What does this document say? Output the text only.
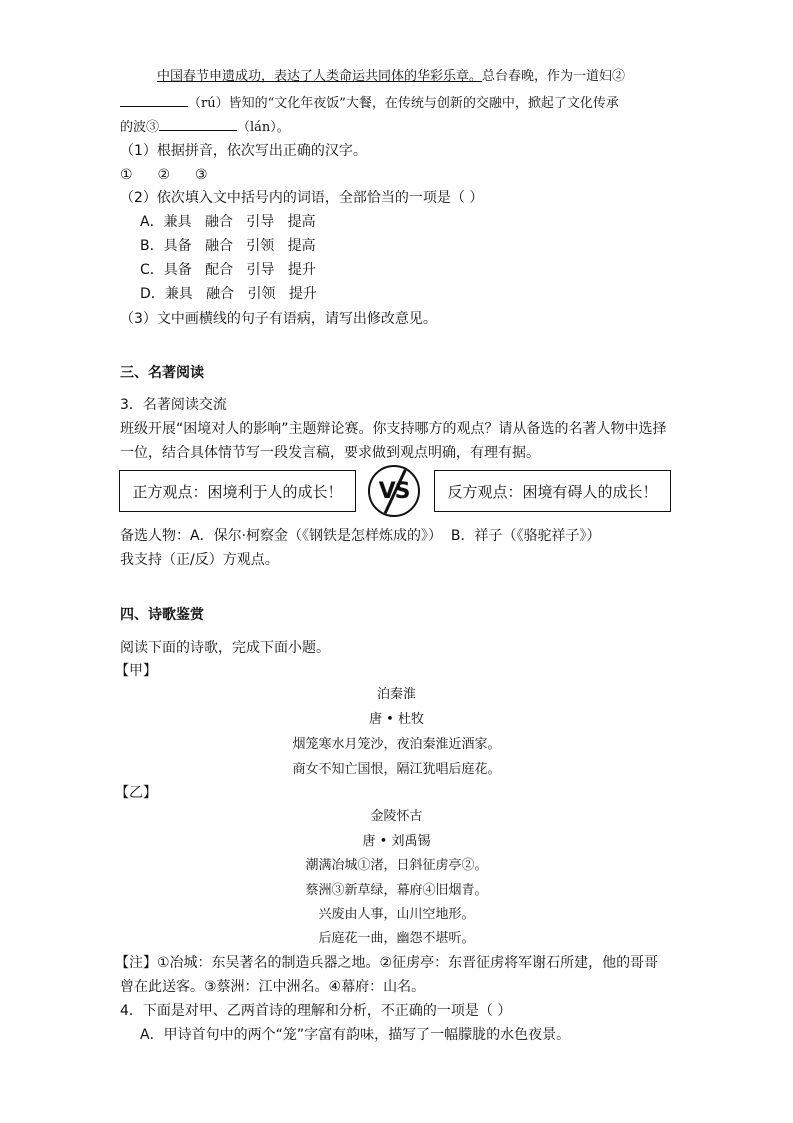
中国春节申遗成功，表达了人类命运共同体的华彩乐章。总台春晚，作为一道妇②
（rú）皆知的“文化年夜饭”大餐，在传统与创新的交融中，掀起了文化传承
的波③	（lán）。
（1）根据拼音，依次写出正确的汉字。
① ② ③
（2）依次填入文中括号内的词语，全部恰当的一项是（ ）
A．兼具   融合   引导   提高
B．具备   融合   引领   提高
C．具备   配合   引导   提升
D．兼具   融合   引领   提升
（3）文中画横线的句子有语病，请写出修改意见。
三、名著阅读
3．名著阅读交流
班级开展“困境对人的影响”主题辩论赛。你支持哪方的观点？请从备选的名著人物中选择
一位，结合具体情节写一段发言稿，要求做到观点明确，有理有据。
正方观点：困境利于人的成长！ VS	反方观点：困境有碍人的成长！
备选人物：A．保尔·柯察金（《钢铁是怎样炼成的》）  B．祥子（《骆驼祥子》）
我支持（正/反）方观点。
四、诗歌鉴赏
阅读下面的诗歌，完成下面小题。
【甲】
泊秦淮
唐 • 杜牧
烟笼寒水月笼沙，夜泊秦淮近酒家。
商女不知亡国恨，隔江犹唱后庭花。
【乙】
金陵怀古
唐 • 刘禹锡
潮满冶城①渚，日斜征虏亭②。
蔡洲③新草绿，幕府④旧烟青。
兴废由人事，山川空地形。
后庭花一曲，幽怨不堪听。
【注】①冶城：东吴著名的制造兵器之地。②征虏亭：东晋征虏将军谢石所建，他的哥哥
曾在此送客。③蔡洲：江中洲名。④幕府：山名。
4．下面是对甲、乙两首诗的理解和分析，不正确的一项是（ ）
A．甲诗首句中的两个“笼”字富有韵味，描写了一幅朦胧的水色夜景。
